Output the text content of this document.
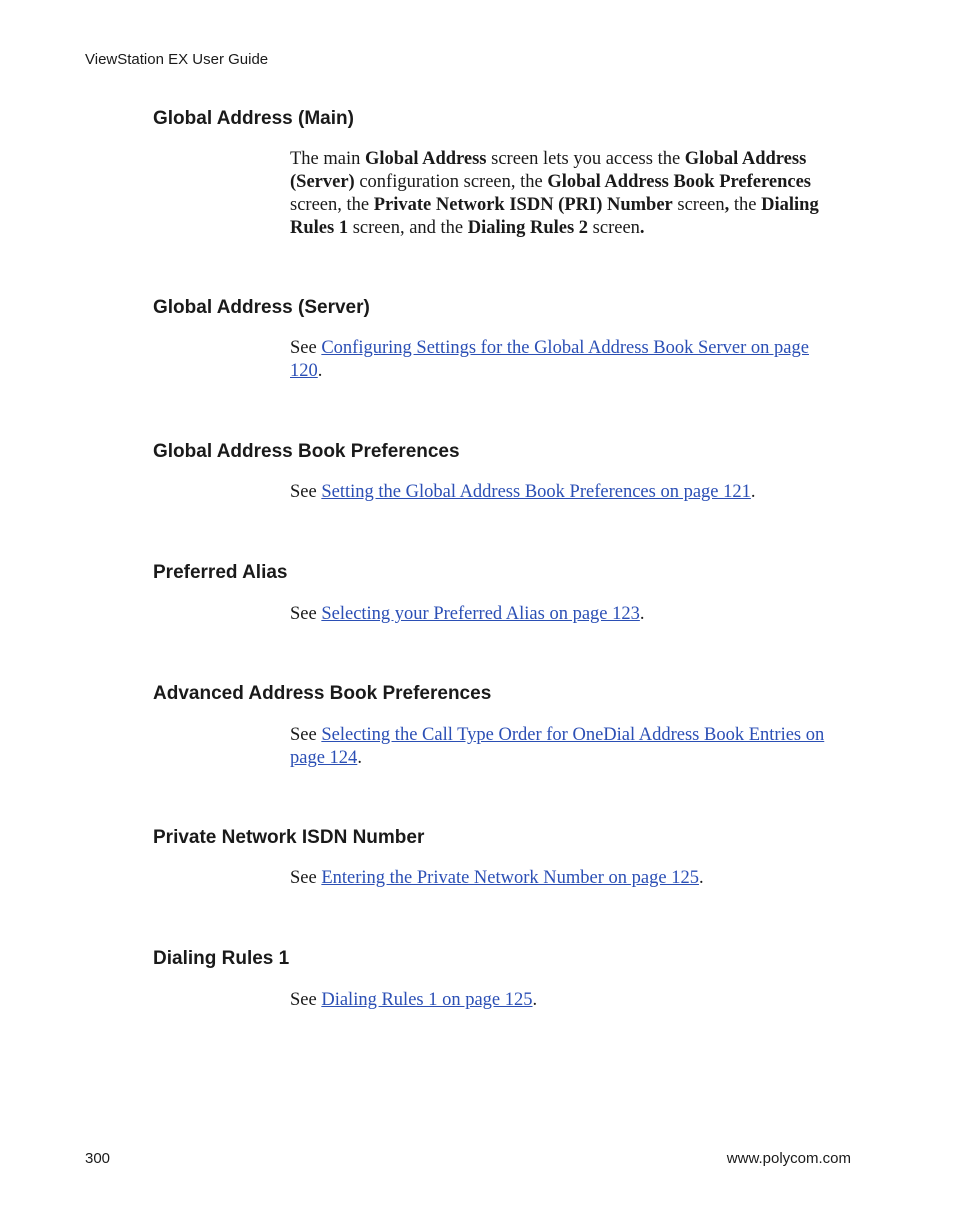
ViewStation EX User Guide
Global Address (Main)

The main Global Address screen lets you access the Global Address (Server) configuration screen, the Global Address Book Preferences screen, the Private Network ISDN (PRI) Number screen, the Dialing Rules 1 screen, and the Dialing Rules 2 screen.

Global Address (Server)

See Configuring Settings for the Global Address Book Server on page 120.

Global Address Book Preferences

See Setting the Global Address Book Preferences on page 121.

Preferred Alias

See Selecting your Preferred Alias on page 123.

Advanced Address Book Preferences

See Selecting the Call Type Order for OneDial Address Book Entries on page 124.

Private Network ISDN Number

See Entering the Private Network Number on page 125.

Dialing Rules 1

See Dialing Rules 1 on page 125.

300	www.polycom.com
